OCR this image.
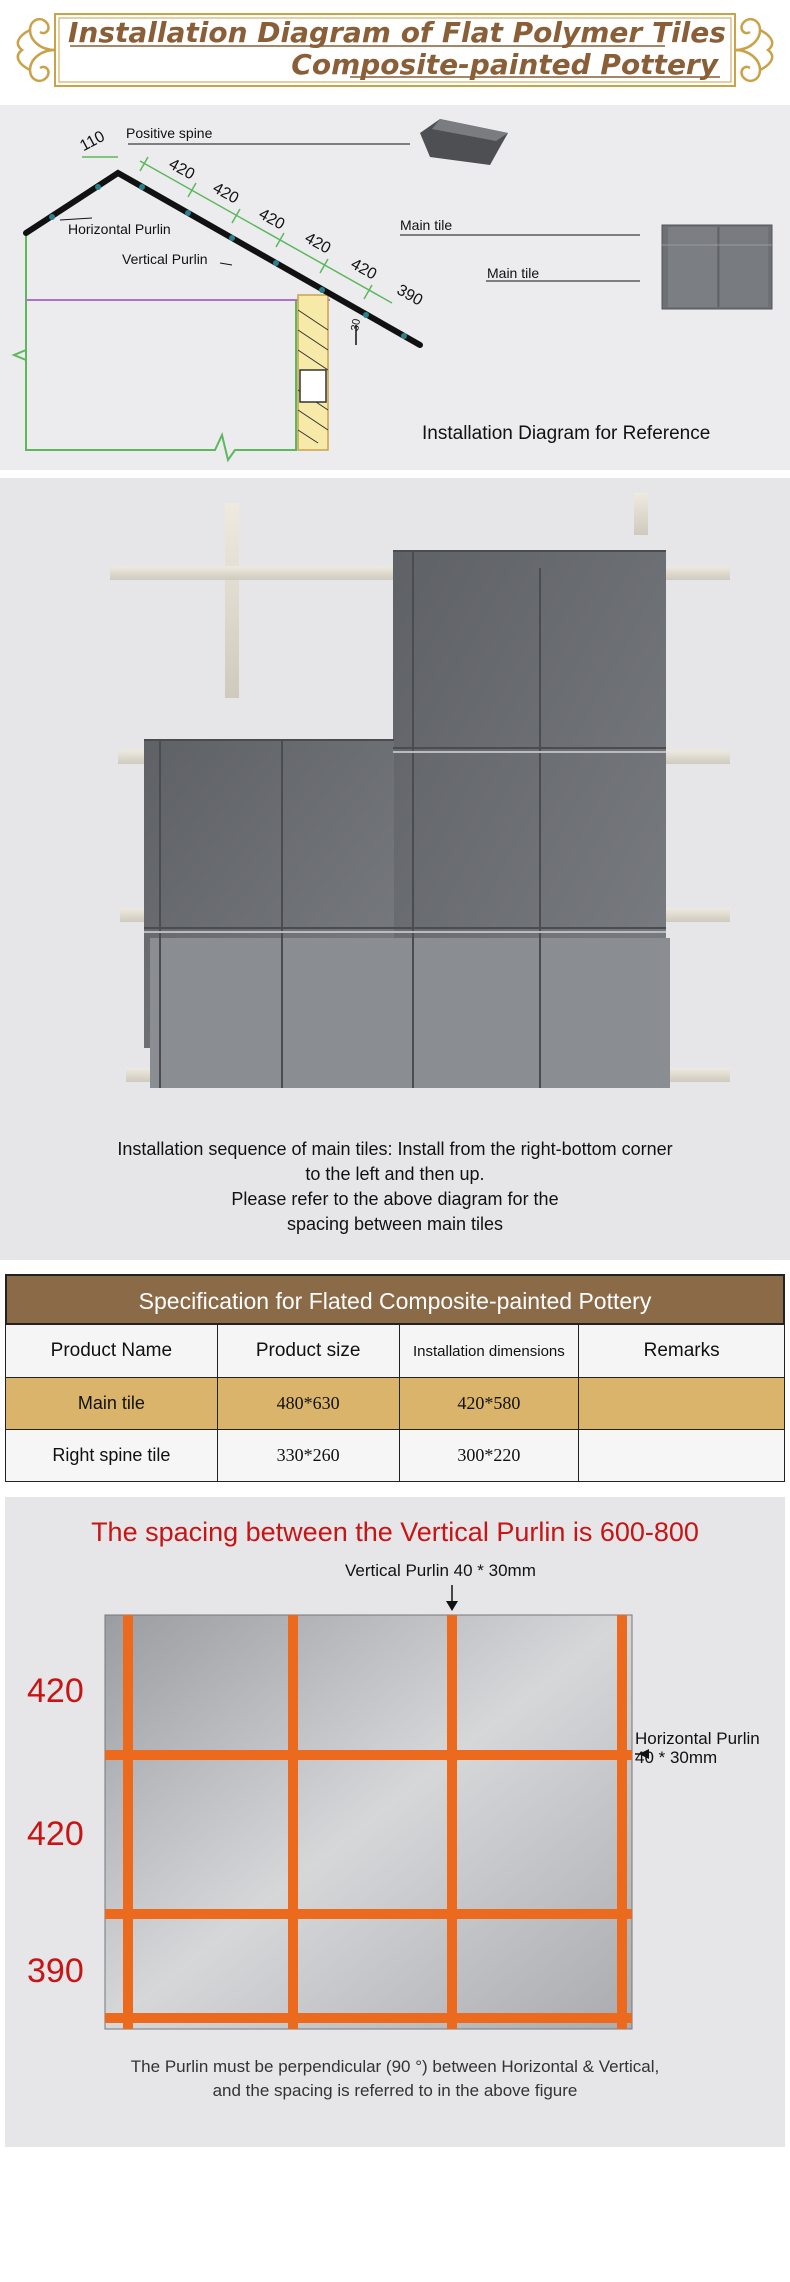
Installation Diagram of Flat Polymer Tiles
Composite-painted Pottery
Positive spine
Horizontal Purlin
Vertical Purlin
Main tile
Main tile
30
110
420
420
420
420
420
390
Installation Diagram for Reference
Installation sequence of main tiles: Install from the right-bottom corner
to the left and then up.
Please refer to the above diagram for the
spacing between main tiles
Specification for Flated Composite-painted Pottery
Product Name	Product size	Installation dimensions	Remarks
Main tile	480*630	420*580
Right spine tile	330*260	300*220
The spacing between the Vertical Purlin is 600-800
Vertical Purlin 40 * 30mm
420
420
390
Horizontal Purlin
40 * 30mm
The Purlin must be perpendicular (90 °) between Horizontal & Vertical,
and the spacing is referred to in the above figure
